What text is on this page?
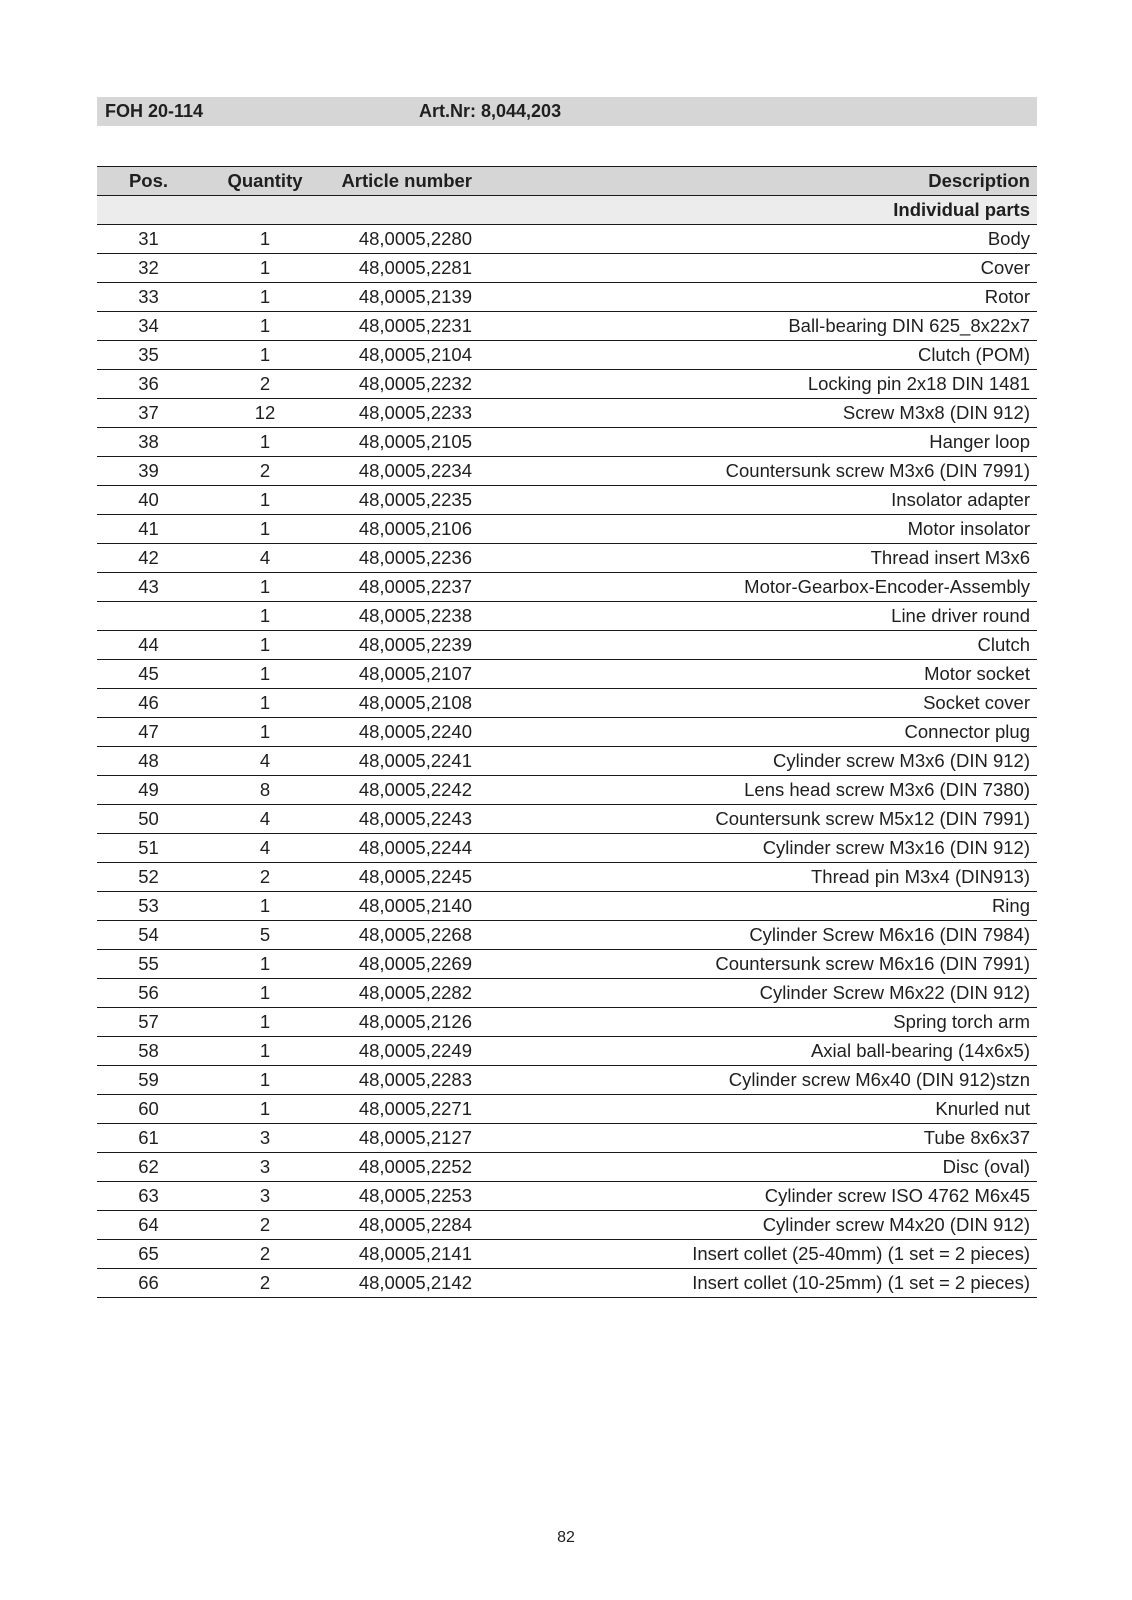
FOH 20-114	Art.Nr: 8,044,203
Pos.	Quantity	Article number	Description
			Individual parts
31	1	48,0005,2280	Body
32	1	48,0005,2281	Cover
33	1	48,0005,2139	Rotor
34	1	48,0005,2231	Ball-bearing DIN 625_8x22x7
35	1	48,0005,2104	Clutch (POM)
36	2	48,0005,2232	Locking pin 2x18 DIN 1481
37	12	48,0005,2233	Screw M3x8 (DIN 912)
38	1	48,0005,2105	Hanger loop
39	2	48,0005,2234	Countersunk screw M3x6 (DIN 7991)
40	1	48,0005,2235	Insolator adapter
41	1	48,0005,2106	Motor insolator
42	4	48,0005,2236	Thread insert M3x6
43	1	48,0005,2237	Motor-Gearbox-Encoder-Assembly
	1	48,0005,2238	Line driver round
44	1	48,0005,2239	Clutch
45	1	48,0005,2107	Motor socket
46	1	48,0005,2108	Socket cover
47	1	48,0005,2240	Connector plug
48	4	48,0005,2241	Cylinder screw M3x6 (DIN 912)
49	8	48,0005,2242	Lens head screw M3x6 (DIN 7380)
50	4	48,0005,2243	Countersunk screw M5x12 (DIN 7991)
51	4	48,0005,2244	Cylinder screw M3x16 (DIN 912)
52	2	48,0005,2245	Thread pin M3x4 (DIN913)
53	1	48,0005,2140	Ring
54	5	48,0005,2268	Cylinder Screw M6x16 (DIN 7984)
55	1	48,0005,2269	Countersunk screw M6x16 (DIN 7991)
56	1	48,0005,2282	Cylinder Screw M6x22 (DIN 912)
57	1	48,0005,2126	Spring torch arm
58	1	48,0005,2249	Axial ball-bearing (14x6x5)
59	1	48,0005,2283	Cylinder screw M6x40 (DIN 912)stzn
60	1	48,0005,2271	Knurled nut
61	3	48,0005,2127	Tube 8x6x37
62	3	48,0005,2252	Disc (oval)
63	3	48,0005,2253	Cylinder screw ISO 4762 M6x45
64	2	48,0005,2284	Cylinder screw M4x20 (DIN 912)
65	2	48,0005,2141	Insert collet (25-40mm) (1 set = 2 pieces)
66	2	48,0005,2142	Insert collet (10-25mm) (1 set = 2 pieces)
82
